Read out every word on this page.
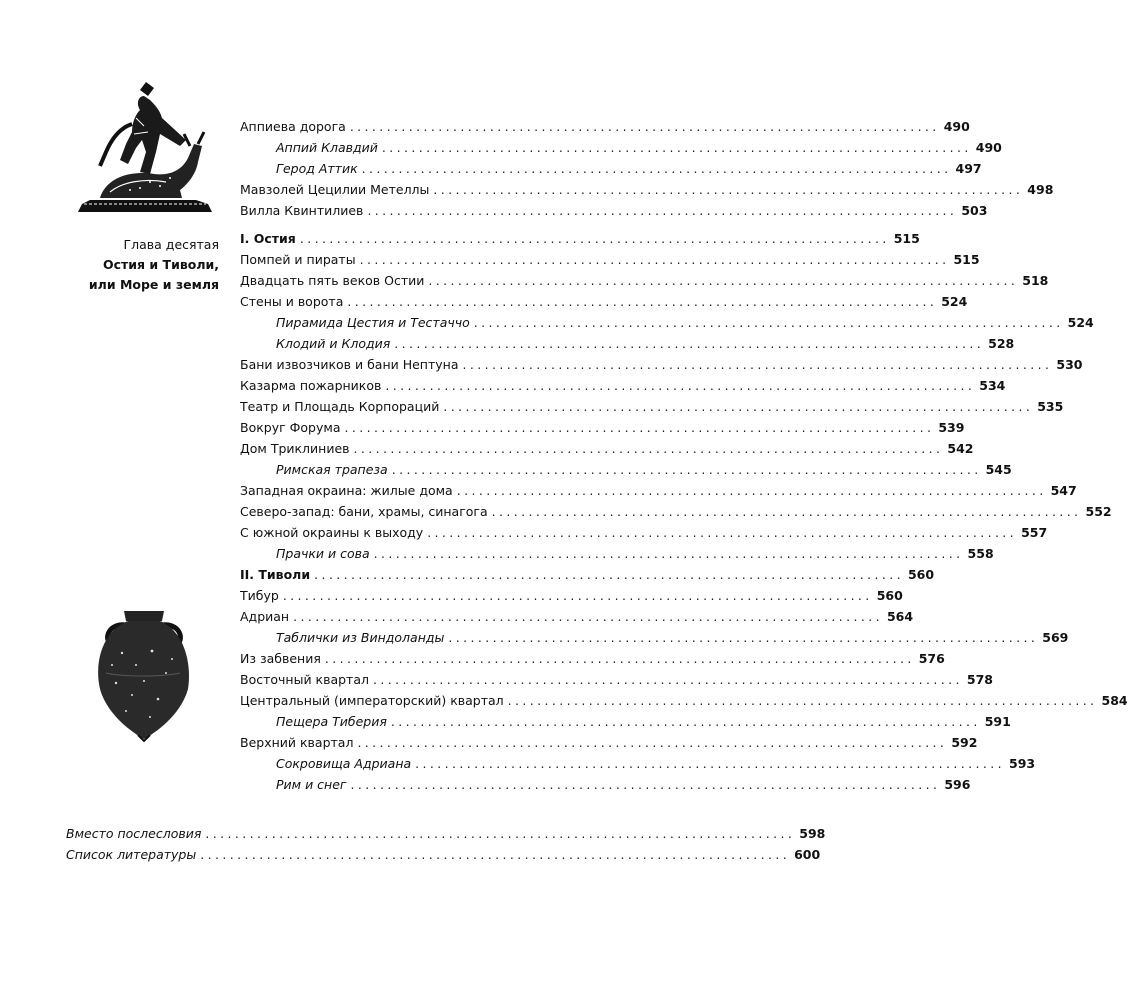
Глава десятая
Остия и Тиволи,
или Море и земля
Аппиева дорога ................................................................................ 490
Аппий Клавдий ................................................................................ 490
Герод Аттик ................................................................................ 497
Мавзолей Цецилии Метеллы ................................................................................ 498
Вилла Квинтилиев ................................................................................ 503
I. Остия ................................................................................ 515
Помпей и пираты ................................................................................ 515
Двадцать пять веков Остии ................................................................................ 518
Стены и ворота ................................................................................ 524
Пирамида Цестия и Тестаччо ................................................................................ 524
Клодий и Клодия ................................................................................ 528
Бани извозчиков и бани Нептуна ................................................................................ 530
Казарма пожарников ................................................................................ 534
Театр и Площадь Корпораций ................................................................................ 535
Вокруг Форума ................................................................................ 539
Дом Триклиниев ................................................................................ 542
Римская трапеза ................................................................................ 545
Западная окраина: жилые дома ................................................................................ 547
Северо-запад: бани, храмы, синагога ................................................................................ 552
С южной окраины к выходу ................................................................................ 557
Прачки и сова ................................................................................ 558
II. Тиволи ................................................................................ 560
Тибур ................................................................................ 560
Адриан ................................................................................ 564
Таблички из Виндоланды ................................................................................ 569
Из забвения ................................................................................ 576
Восточный квартал ................................................................................ 578
Центральный (императорский) квартал ................................................................................ 584
Пещера Тиберия ................................................................................ 591
Верхний квартал ................................................................................ 592
Сокровища Адриана ................................................................................ 593
Рим и снег ................................................................................ 596
Вместо послесловия ................................................................................ 598
Список литературы ................................................................................ 600
